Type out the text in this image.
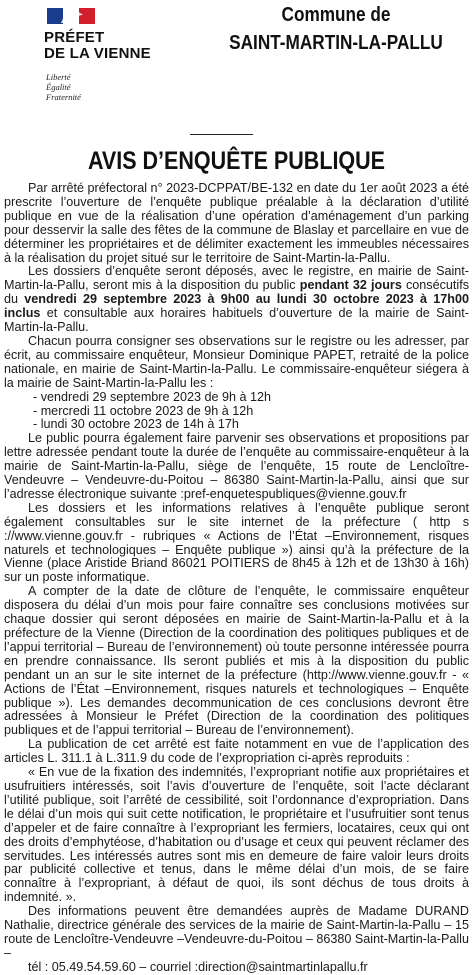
PRÉFET
DE LA VIENNE
Liberté
Égalité
Fraternité
Commune de
SAINT-MARTIN-LA-PALLU
AVIS D’ENQUÊTE PUBLIQUE

Par arrêté préfectoral n° 2023-DCPPAT/BE-132 en date du 1er août 2023 a été prescrite l’ouverture de l’enquête publique préalable à la déclaration d’utilité publique en vue de la réalisation d’une opération d’aménagement d’un parking pour desservir la salle des fêtes de la commune de Blaslay et parcellaire en vue de déterminer les propriétaires et de délimiter exactement les immeubles nécessaires à la réalisation du projet situé sur le territoire de Saint-Martin-la-Pallu.

Les dossiers d’enquête seront déposés, avec le registre, en mairie de Saint-Martin-la-Pallu, seront mis à la disposition du public pendant 32 jours consécutifs du vendredi 29 septembre 2023 à 9h00 au lundi 30 octobre 2023 à 17h00 inclus et consultable aux horaires habituels d’ouverture de la mairie de Saint-Martin-la-Pallu.

Chacun pourra consigner ses observations sur le registre ou les adresser, par écrit, au commissaire enquêteur, Monsieur Dominique PAPET, retraité de la police nationale, en mairie de Saint-Martin-la-Pallu. Le commissaire-enquêteur siégera à la mairie de Saint-Martin-la-Pallu les :

- vendredi 29 septembre 2023 de 9h à 12h

- mercredi 11 octobre 2023 de 9h à 12h

- lundi 30 octobre 2023 de 14h à 17h

Le public pourra également faire parvenir ses observations et propositions par lettre adressée pendant toute la durée de l’enquête au commissaire-enquêteur à la mairie de Saint-Martin-la-Pallu, siège de l’enquête, 15 route de Lencloître-Vendeuvre – Vendeuvre-du-Poitou – 86380 Saint-Martin-la-Pallu, ainsi que sur l’adresse électronique suivante :pref-enquetespubliques@vienne.gouv.fr

Les dossiers et les informations relatives à l’enquête publique seront également consultables sur le site internet de la préfecture ( http s ://www.vienne.gouv.fr - rubriques « Actions de l’État –Environnement, risques naturels et technologiques – Enquête publique ») ainsi qu’à la préfecture de la Vienne (place Aristide Briand 86021 POITIERS de 8h45 à 12h et de 13h30 à 16h) sur un poste informatique.

A compter de la date de clôture de l’enquête, le commissaire enquêteur disposera du délai d’un mois pour faire connaître ses conclusions motivées sur chaque dossier qui seront déposées en mairie de Saint-Martin-la-Pallu et à la préfecture de la Vienne (Direction de la coordination des politiques publiques et de l’appui territorial – Bureau de l’environnement) où toute personne intéressée pourra en prendre connaissance. Ils seront publiés et mis à la disposition du public pendant un an sur le site internet de la préfecture (http://www.vienne.gouv.fr - « Actions de l’État –Environnement, risques naturels et technologiques – Enquête publique »). Les demandes decommunication de ces conclusions devront être adressées à Monsieur le Préfet (Direction de la coordination des politiques publiques et de l’appui territorial – Bureau de l’environnement).

La publication de cet arrêté est faite notamment en vue de l’application des articles L. 311.1 à L.311.9 du code de l’expropriation ci-après reproduits :

« En vue de la fixation des indemnités, l’expropriant notifie aux propriétaires et usufruitiers intéressés, soit l’avis d’ouverture de l’enquête, soit l’acte déclarant l’utilité publique, soit l’arrêté de cessibilité, soit l’ordonnance d’expropriation. Dans le délai d’un mois qui suit cette notification, le propriétaire et l’usufruitier sont tenus d’appeler et de faire connaître à l’expropriant les fermiers, locataires, ceux qui ont des droits d’emphytéose, d’habitation ou d’usage et ceux qui peuvent réclamer des servitudes. Les intéressés autres sont mis en demeure de faire valoir leurs droits par publicité collective et tenus, dans le même délai d’un mois, de se faire connaître à l’expropriant, à défaut de quoi, ils sont déchus de tous droits à indemnité. ».

Des informations peuvent être demandées auprès de Madame DURAND Nathalie, directrice générale des services de la mairie de Saint-Martin-la-Pallu – 15 route de Lencloître-Vendeuvre –Vendeuvre-du-Poitou – 86380 Saint-Martin-la-Pallu –

tél : 05.49.54.59.60 – courriel :direction@saintmartinlapallu.fr
